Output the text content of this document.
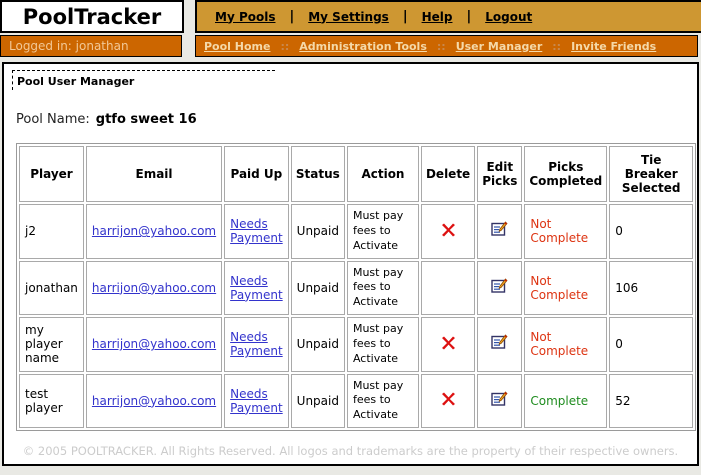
PoolTracker	My Pools | My Settings | Help | Logout
Logged in: jonathan	Pool Home :: Administration Tools :: User Manager :: Invite Friends
Pool User Manager
Pool Name: gtfo sweet 16
Player	Email	Paid Up	Status	Action	Delete	Edit Picks	Picks Completed	Tie Breaker Selected
j2	harrijon@yahoo.com	Needs Payment	Unpaid	Must pay fees to Activate			Not Complete	0
jonathan	harrijon@yahoo.com	Needs Payment	Unpaid	Must pay fees to Activate			Not Complete	106
my player name	harrijon@yahoo.com	Needs Payment	Unpaid	Must pay fees to Activate			Not Complete	0
test player	harrijon@yahoo.com	Needs Payment	Unpaid	Must pay fees to Activate			Complete	52
© 2005 POOLTRACKER. All Rights Reserved. All logos and trademarks are the property of their respective owners.
